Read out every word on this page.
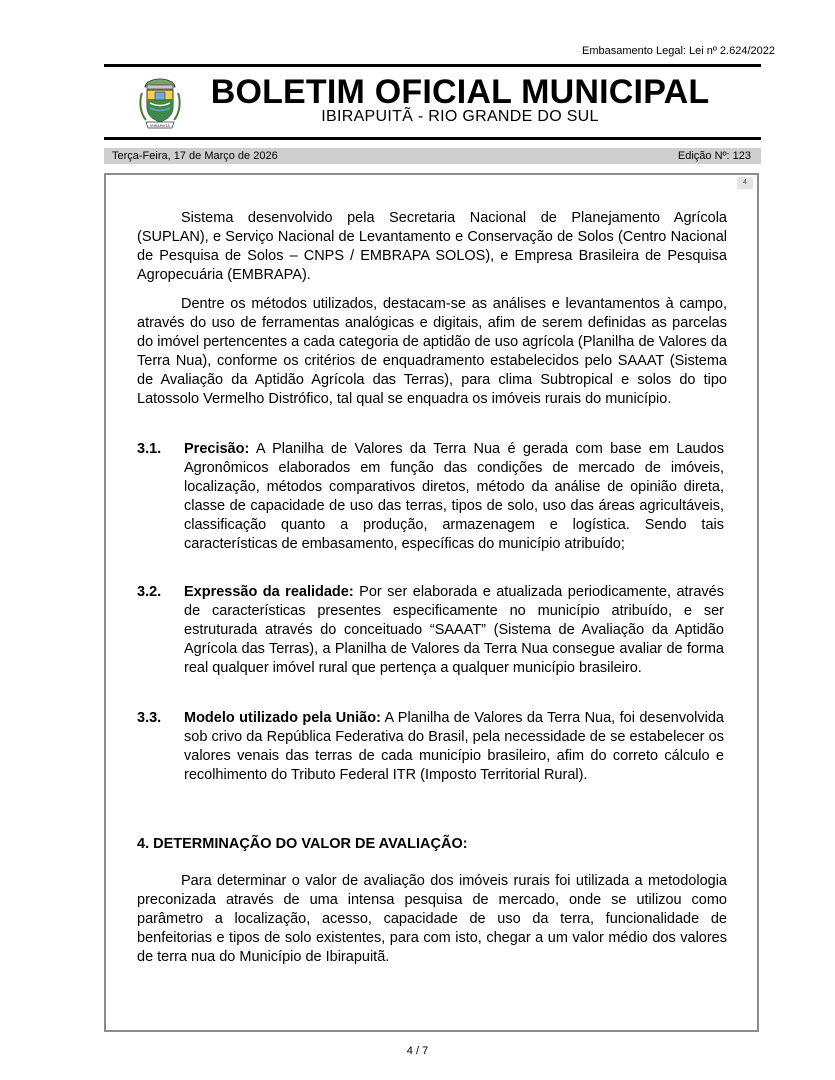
Embasamento Legal: Lei nº 2.624/2022
IBIRAPUITÃ
BOLETIM OFICIAL MUNICIPAL
IBIRAPUITÃ - RIO GRANDE DO SUL
Terça-Feira, 17 de Março de 2026	Edição Nº: 123
4

Sistema desenvolvido pela Secretaria Nacional de Planejamento Agrícola (SUPLAN), e Serviço Nacional de Levantamento e Conservação de Solos (Centro Nacional de Pesquisa de Solos – CNPS / EMBRAPA SOLOS), e Empresa Brasileira de Pesquisa Agropecuária (EMBRAPA).

Dentre os métodos utilizados, destacam-se as análises e levantamentos à campo, através do uso de ferramentas analógicas e digitais, afim de serem definidas as parcelas do imóvel pertencentes a cada categoria de aptidão de uso agrícola (Planilha de Valores da Terra Nua), conforme os critérios de enquadramento estabelecidos pelo SAAAT (Sistema de Avaliação da Aptidão Agrícola das Terras), para clima Subtropical e solos do tipo Latossolo Vermelho Distrófico, tal qual se enquadra os imóveis rurais do município.

3.1. Precisão: A Planilha de Valores da Terra Nua é gerada com base em Laudos Agronômicos elaborados em função das condições de mercado de imóveis, localização, métodos comparativos diretos, método da análise de opinião direta, classe de capacidade de uso das terras, tipos de solo, uso das áreas agricultáveis, classificação quanto a produção, armazenagem e logística. Sendo tais características de embasamento, específicas do município atribuído;

3.2. Expressão da realidade: Por ser elaborada e atualizada periodicamente, através de características presentes especificamente no município atribuído, e ser estruturada através do conceituado “SAAAT” (Sistema de Avaliação da Aptidão Agrícola das Terras), a Planilha de Valores da Terra Nua consegue avaliar de forma real qualquer imóvel rural que pertença a qualquer município brasileiro.

3.3. Modelo utilizado pela União: A Planilha de Valores da Terra Nua, foi desenvolvida sob crivo da República Federativa do Brasil, pela necessidade de se estabelecer os valores venais das terras de cada município brasileiro, afim do correto cálculo e recolhimento do Tributo Federal ITR (Imposto Territorial Rural).

4. DETERMINAÇÃO DO VALOR DE AVALIAÇÃO:

Para determinar o valor de avaliação dos imóveis rurais foi utilizada a metodologia preconizada através de uma intensa pesquisa de mercado, onde se utilizou como parâmetro a localização, acesso, capacidade de uso da terra, funcionalidade de benfeitorias e tipos de solo existentes, para com isto, chegar a um valor médio dos valores de terra nua do Município de Ibirapuitã.

4 / 7
